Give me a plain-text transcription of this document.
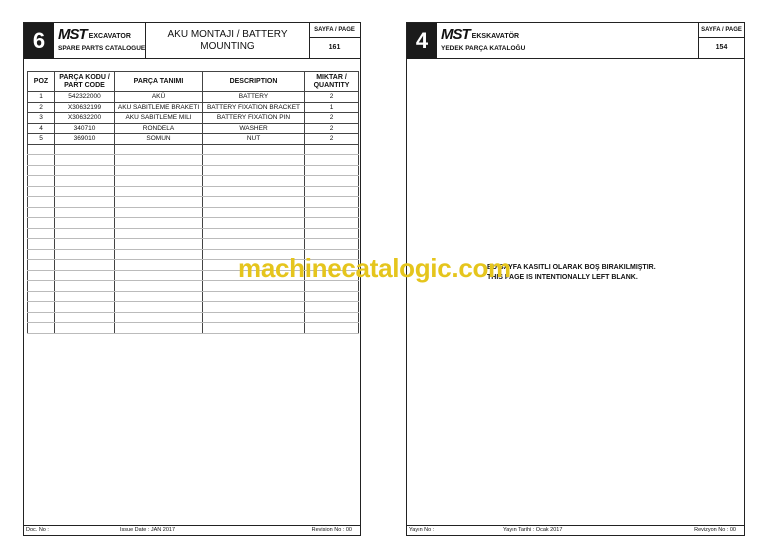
6 MST EXCAVATOR
SPARE PARTS CATALOGUE
AKU MONTAJI / BATTERY MOUNTING
SAYFA / PAGE
161
POZ	PARÇA KODU / PART CODE	PARÇA TANIMI	DESCRIPTION	MIKTAR / QUANTITY
1	542322000	AKÜ	BATTERY	2
2	X30632199	AKU SABITLEME BRAKETI	BATTERY FIXATION BRACKET	1
3	X30632200	AKU SABITLEME MILI	BATTERY FIXATION PIN	2
4	340710	RONDELA	WASHER	2
5	369010	SOMUN	NUT	2

Doc. No :	Issue Date : JAN 2017	Revision No : 00
4 MST EKSKAVATÖR
YEDEK PARÇA KATALOĞU
SAYFA / PAGE
154
BU SAYFA KASITLI OLARAK BOŞ BIRAKILMIŞTIR.
THIS PAGE IS INTENTIONALLY LEFT BLANK.
Yayın No :	Yayın Tarihi : Ocak 2017	Revizyon No : 00
machinecatalogic.com
